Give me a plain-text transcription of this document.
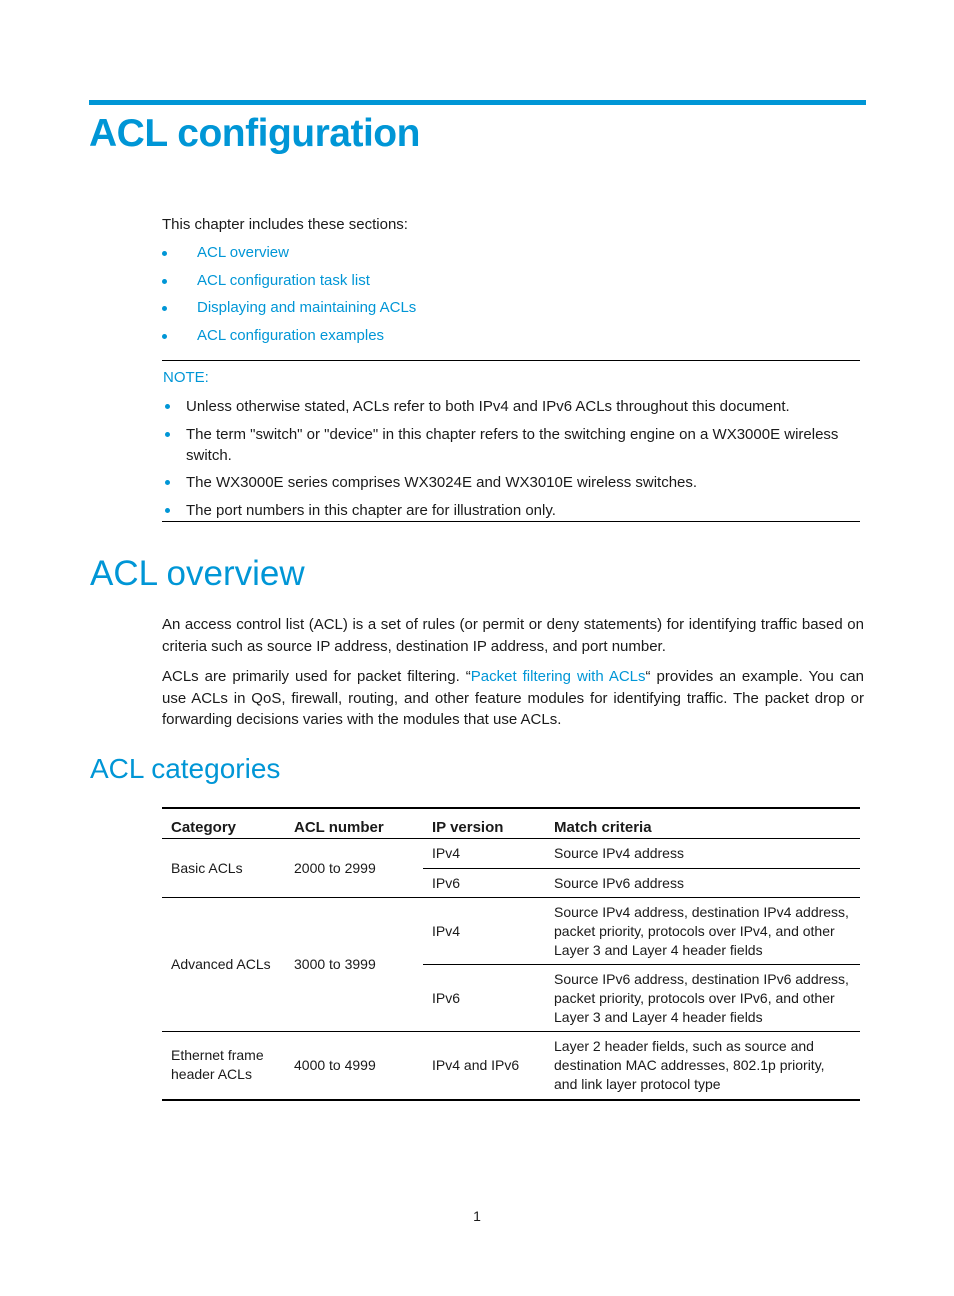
ACL configuration
This chapter includes these sections:
ACL overview
ACL configuration task list
Displaying and maintaining ACLs
ACL configuration examples
NOTE:
Unless otherwise stated, ACLs refer to both IPv4 and IPv6 ACLs throughout this document.
The term "switch" or "device" in this chapter refers to the switching engine on a WX3000E wireless switch.
The WX3000E series comprises WX3024E and WX3010E wireless switches.
The port numbers in this chapter are for illustration only.
ACL overview

An access control list (ACL) is a set of rules (or permit or deny statements) for identifying traffic based on criteria such as source IP address, destination IP address, and port number.

ACLs are primarily used for packet filtering. “Packet filtering with ACLs“ provides an example. You can use ACLs in QoS, firewall, routing, and other feature modules for identifying traffic. The packet drop or forwarding decisions varies with the modules that use ACLs.

ACL categories
Category	ACL number	IP version	Match criteria
Basic ACLs	2000 to 2999	IPv4	Source IPv4 address
		IPv6	Source IPv6 address
Advanced ACLs	3000 to 3999	IPv4	Source IPv4 address, destination IPv4 address, packet priority, protocols over IPv4, and other Layer 3 and Layer 4 header fields
		IPv6	Source IPv6 address, destination IPv6 address, packet priority, protocols over IPv6, and other Layer 3 and Layer 4 header fields
Ethernet frame header ACLs	4000 to 4999	IPv4 and IPv6	Layer 2 header fields, such as source and destination MAC addresses, 802.1p priority, and link layer protocol type
1
